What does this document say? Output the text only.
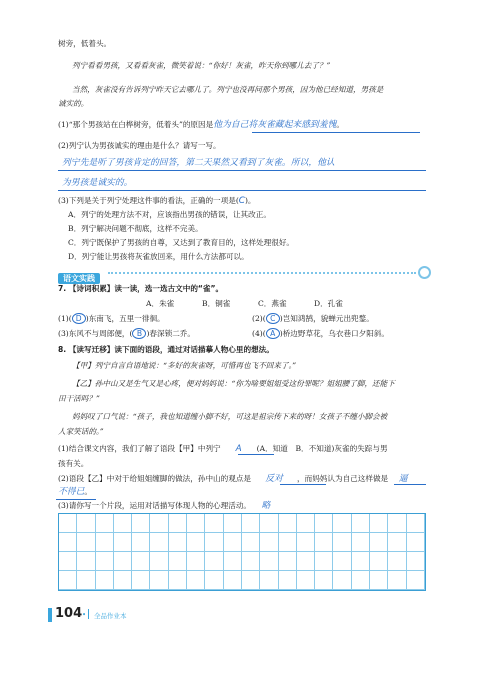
树旁，低着头。
列宁看看男孩，又看看灰雀，微笑着说：“你好！灰雀，昨天你到哪儿去了？”
当然，灰雀没有告诉列宁昨天它去哪儿了。列宁也没再问那个男孩，因为他已经知道，男孩是
诚实的。
(1)“那个男孩站在白桦树旁，低着头”的原因是他为自己将灰雀藏起来感到羞愧。
(2)列宁认为男孩诚实的理由是什么？请写一写。
列宁先是听了男孩肯定的回答，第二天果然又看到了灰雀。所以，他认
为男孩是诚实的。
(3)下列是关于列宁处理这件事的看法，正确的一项是(C)。
A．列宁的处理方法不对，应该指出男孩的错误，让其改正。
B．列宁解决问题不彻底，这样不完美。
C．列宁既保护了男孩的自尊，又达到了教育目的，这样处理很好。
D．列宁能让男孩将灰雀放回来，用什么方法都可以。
语文实践
7. 【诗词积累】读一读，选一选古文中的“雀”。
A．朱雀	B．铜雀	C．燕雀	D．孔雀
(1)( D )东南飞，五里一徘徊。	(2)( C )岂知鸿鹄，貌蝉元出兜鍪。
(3)东风不与周郎便，( B )春深锁二乔。	(4)( A )桥边野草花，乌衣巷口夕阳斜。
8. 【读写迁移】读下面的语段，通过对话描摹人物心里的想法。
【甲】列宁自言自语地说：“多好的灰雀呀，可惜再也飞不回来了。”
【乙】孙中山又是生气又是心疼，便对妈妈说：“你为啥要姐姐受这份罪呢？姐姐腰了脚，还能下
田干活吗？”
妈妈叹了口气说：“孩子，我也知道缠小脚不好，可这是祖宗传下来的呀！女孩子不缠小脚会被
人家笑话的。”
(1)结合课文内容，我们了解了语段【甲】中列宁 A (A．知道　B．不知道)灰雀的失踪与男
孩有关。
(2)语段【乙】中对于给姐姐缠脚的做法，孙中山的观点是 反对 ，而妈妈认为自己这样做是 逼
不得已。
(3)请你写一个片段，运用对话描写体现人物的心理活动。 略
104 • 全品作业本
